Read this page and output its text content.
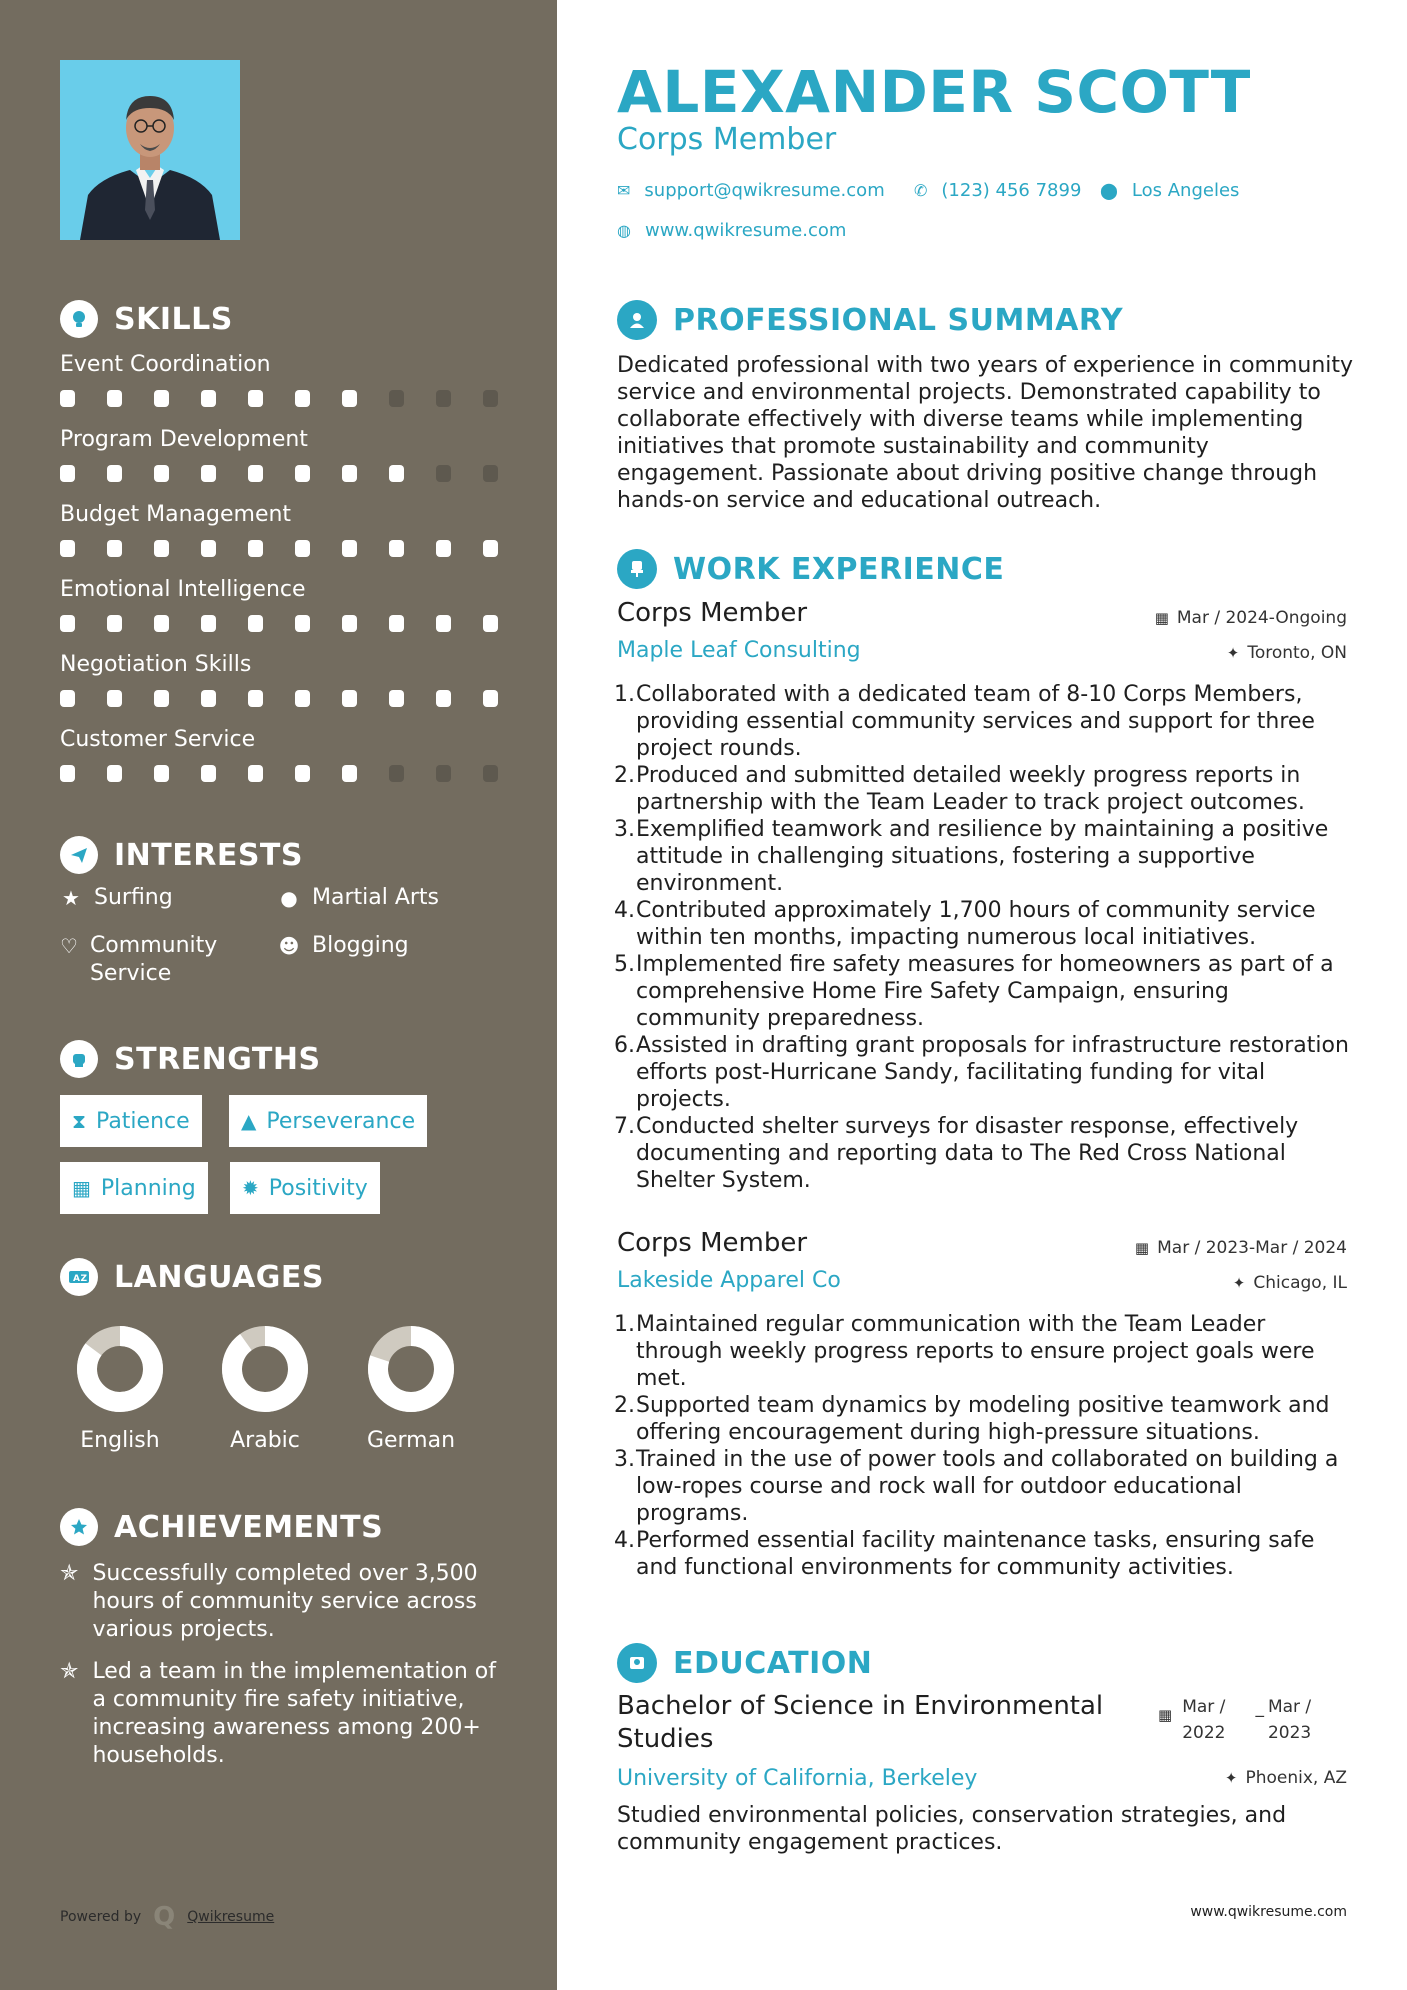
SKILLS
Event Coordination
Program Development
Budget Management
Emotional Intelligence
Negotiation Skills
Customer Service
INTERESTS
★ Surfing	● Martial Arts
♡ Community Service
☻ Blogging
STRENGTHS
⧗ Patience	▲ Perseverance
▦ Planning ✹ Positivity
AZ LANGUAGES
English	Arabic	German
ACHIEVEMENTS
✯ Successfully completed over 3,500 hours of community service across various projects.
✯ Led a team in the implementation of a community fire safety initiative, increasing awareness among 200+ households.
Powered by Q Qwikresume
ALEXANDER SCOTT
Corps Member
✉ support@qwikresume.com ✆ (123) 456 7899 ⬤ Los Angeles
◍ www.qwikresume.com
PROFESSIONAL SUMMARY
Dedicated professional with two years of experience in community service and environmental projects. Demonstrated capability to collaborate effectively with diverse teams while implementing initiatives that promote sustainability and community engagement. Passionate about driving positive change through hands-on service and educational outreach.
WORK EXPERIENCE
Corps Member
Maple Leaf Consulting
▦ Mar / 2024-Ongoing
✦ Toronto, ON
1. Collaborated with a dedicated team of 8-10 Corps Members, providing essential community services and support for three project rounds.
2. Produced and submitted detailed weekly progress reports in partnership with the Team Leader to track project outcomes.
3. Exemplified teamwork and resilience by maintaining a positive attitude in challenging situations, fostering a supportive environment.
4. Contributed approximately 1,700 hours of community service within ten months, impacting numerous local initiatives.
5. Implemented fire safety measures for homeowners as part of a comprehensive Home Fire Safety Campaign, ensuring community preparedness.
6. Assisted in drafting grant proposals for infrastructure restoration efforts post-Hurricane Sandy, facilitating funding for vital projects.
7. Conducted shelter surveys for disaster response, effectively documenting and reporting data to The Red Cross National Shelter System.
Corps Member
Lakeside Apparel Co
▦ Mar / 2023-Mar / 2024
✦ Chicago, IL
1. Maintained regular communication with the Team Leader through weekly progress reports to ensure project goals were met.
2. Supported team dynamics by modeling positive teamwork and offering encouragement during high-pressure situations.
3. Trained in the use of power tools and collaborated on building a low-ropes course and rock wall for outdoor educational programs.
4. Performed essential facility maintenance tasks, ensuring safe and functional environments for community activities.
EDUCATION
Bachelor of Science in Environmental Studies
▦ Mar /
2022
_ Mar /
2023
University of California, Berkeley	✦ Phoenix, AZ
Studied environmental policies, conservation strategies, and community engagement practices.
www.qwikresume.com
